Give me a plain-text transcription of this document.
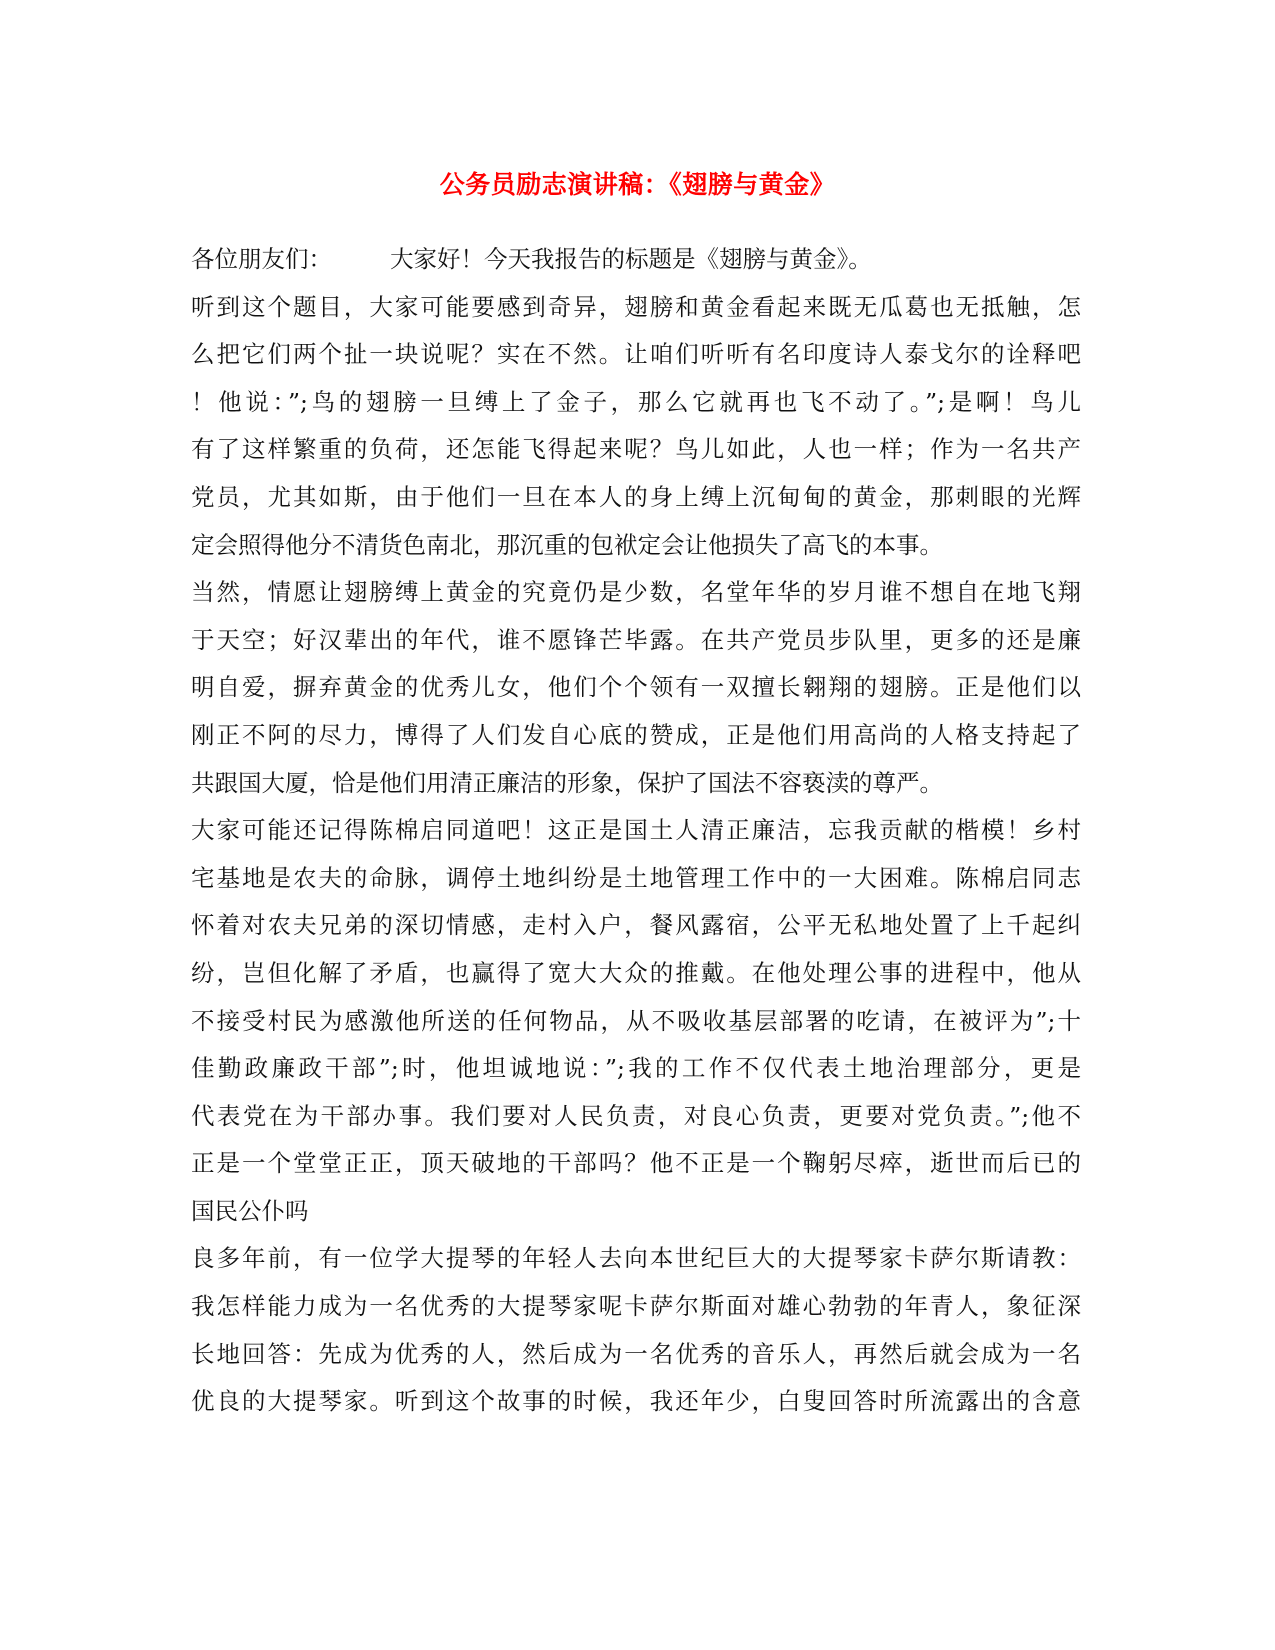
公务员励志演讲稿：《翅膀与黄金》
各位朋友们： 大家好！今天我报告的标题是《翅膀与黄金》。
听到这个题目，大家可能要感到奇异，翅膀和黄金看起来既无瓜葛也无抵触，怎
么把它们两个扯一块说呢？实在不然。让咱们听听有名印度诗人泰戈尔的诠释吧
！他说：”;鸟的翅膀一旦缚上了金子，那么它就再也飞不动了。”;是啊！鸟儿
有了这样繁重的负荷，还怎能飞得起来呢？鸟儿如此，人也一样；作为一名共产
党员，尤其如斯，由于他们一旦在本人的身上缚上沉甸甸的黄金，那刺眼的光辉
定会照得他分不清货色南北，那沉重的包袱定会让他损失了高飞的本事。
当然，情愿让翅膀缚上黄金的究竟仍是少数，名堂年华的岁月谁不想自在地飞翔
于天空；好汉辈出的年代，谁不愿锋芒毕露。在共产党员步队里，更多的还是廉
明自爱，摒弃黄金的优秀儿女，他们个个领有一双擅长翱翔的翅膀。正是他们以
刚正不阿的尽力，博得了人们发自心底的赞成，正是他们用高尚的人格支持起了
共跟国大厦，恰是他们用清正廉洁的形象，保护了国法不容亵渎的尊严。
大家可能还记得陈棉启同道吧！这正是国土人清正廉洁，忘我贡献的楷模！乡村
宅基地是农夫的命脉，调停土地纠纷是土地管理工作中的一大困难。陈棉启同志
怀着对农夫兄弟的深切情感，走村入户，餐风露宿，公平无私地处置了上千起纠
纷，岂但化解了矛盾，也赢得了宽大大众的推戴。在他处理公事的进程中，他从
不接受村民为感激他所送的任何物品，从不吸收基层部署的吃请，在被评为”;十
佳勤政廉政干部”;时，他坦诚地说：”;我的工作不仅代表土地治理部分，更是
代表党在为干部办事。我们要对人民负责，对良心负责，更要对党负责。”;他不
正是一个堂堂正正，顶天破地的干部吗？他不正是一个鞠躬尽瘁，逝世而后已的
国民公仆吗
良多年前，有一位学大提琴的年轻人去向本世纪巨大的大提琴家卡萨尔斯请教：
我怎样能力成为一名优秀的大提琴家呢卡萨尔斯面对雄心勃勃的年青人，象征深
长地回答：先成为优秀的人，然后成为一名优秀的音乐人，再然后就会成为一名
优良的大提琴家。听到这个故事的时候，我还年少，白叟回答时所流露出的含意
